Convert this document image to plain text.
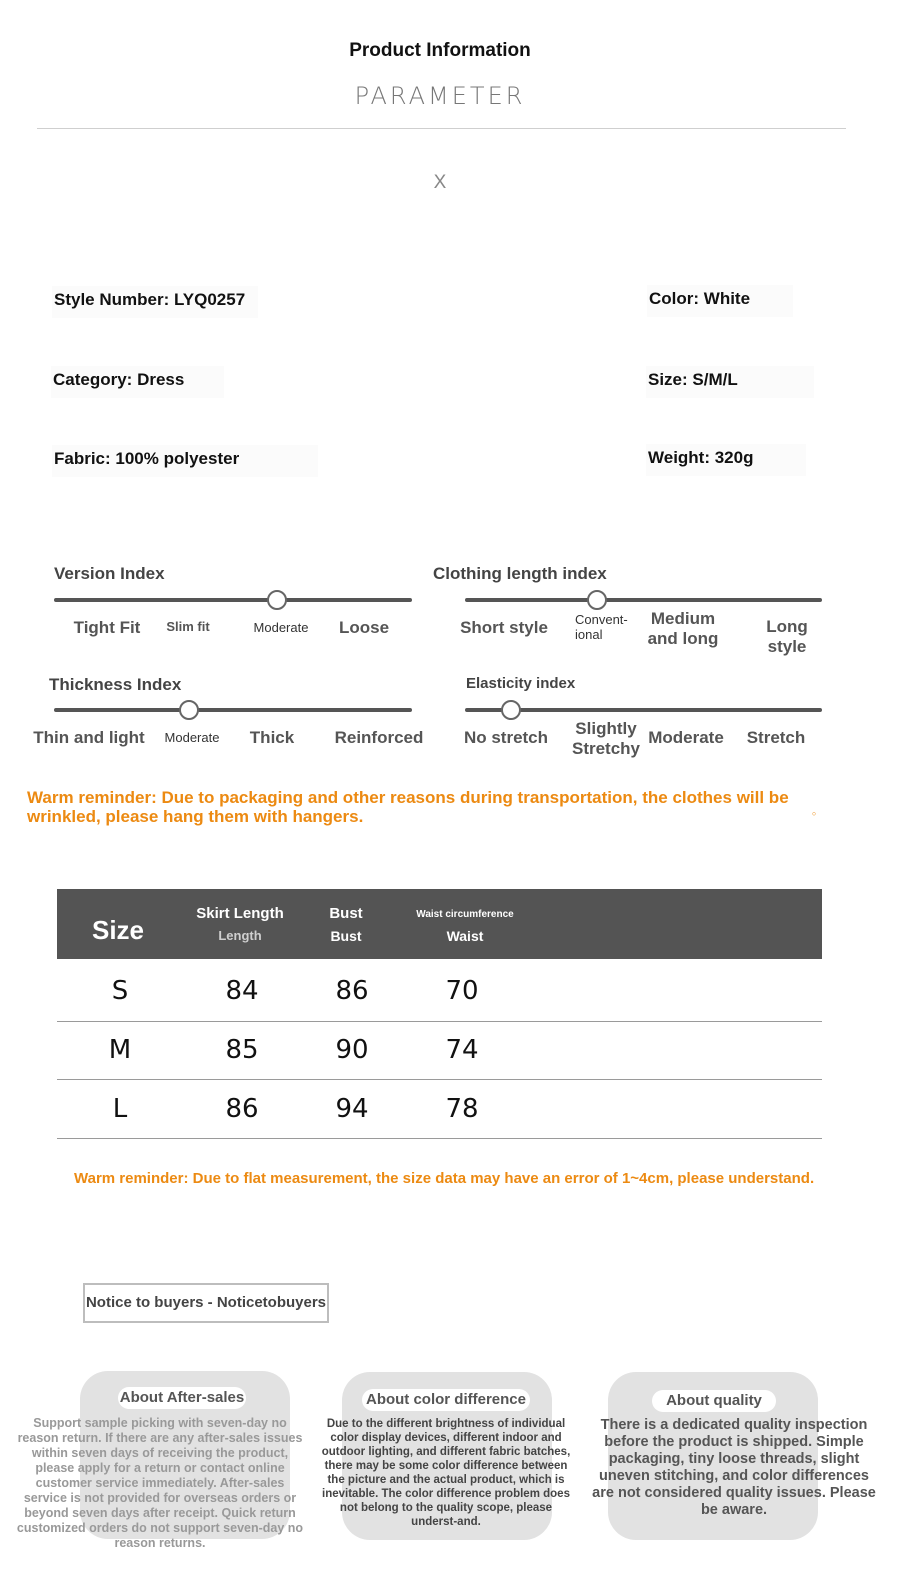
Product Information
PARAMETER
X
Style Number: LYQ0257	Color: White
Category: Dress	Size: S/M/L
Fabric: 100% polyester	Weight: 320g
Version Index
Tight Fit	Slim fit	Moderate	Loose
Clothing length index
Short style Convent-
ional
Medium
and long
Long style
Thickness Index
Thin and light	Moderate Thick Reinforced
Elasticity index
No stretch	Slightly
Stretchy
Moderate Stretch
Warm reminder: Due to packaging and other reasons during transportation, the clothes will be wrinkled, please hang them with hangers.	。
Size
Skirt Length
Length
Bust
Bust
Waist circumference
Waist
S	84	86	70
M	85	90	74
L	86	94	78
Warm reminder: Due to flat measurement, the size data may have an error of 1~4cm, please understand.
Notice to buyers - Noticetobuyers
About After-sales
Support sample picking with seven-day no reason return. If there are any after-sales issues within seven days of receiving the product, please apply for a return or contact online customer service immediately. After-sales service is not provided for overseas orders or beyond seven days after receipt. Quick return customized orders do not support seven-day no reason returns.
About color difference
Due to the different brightness of individual color display devices, different indoor and outdoor lighting, and different fabric batches, there may be some color difference between the picture and the actual product, which is inevitable. The color difference problem does not belong to the quality scope, please underst-and.
About quality
There is a dedicated quality inspection before the product is shipped. Simple packaging, tiny loose threads, slight uneven stitching, and color differences are not considered quality issues. Please be aware.
